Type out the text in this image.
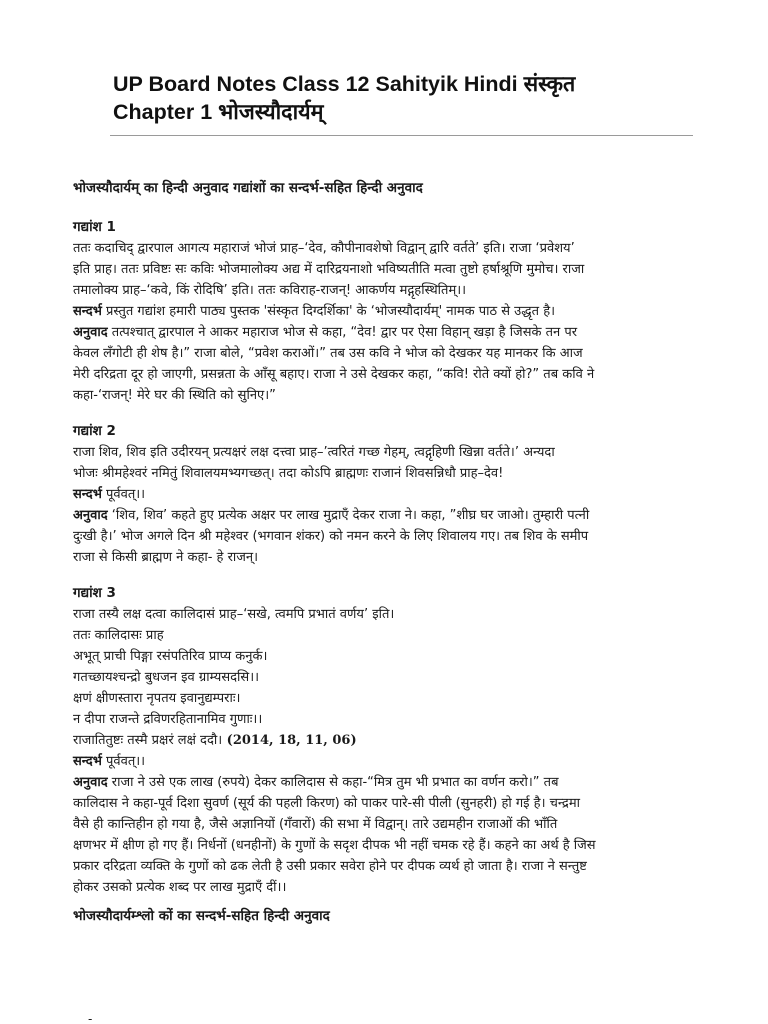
UP Board Notes Class 12 Sahityik Hindi संस्कृत
Chapter 1 भोजस्यौदार्यम्

भोजस्यौदार्यम् का हिन्दी अनुवाद गद्यांशों का सन्दर्भ-सहित हिन्दी अनुवाद

गद्यांश 1

ततः कदाचिद् द्वारपाल आगत्य महाराजं भोजं प्राह–‘देव, कौपीनावशेषो विद्वान् द्वारि वर्तते’ इति। राजा ‘प्रवेशय’
इति प्राह। ततः प्रविष्टः सः कविः भोजमालोक्य अद्य में दारिद्रयनाशो भविष्यतीति मत्वा तुष्टो हर्षाश्रूणि मुमोच। राजा
तमालोक्य प्राह–‘कवे, किं रोदिषि’ इति। ततः कविराह-राजन्! आकर्णय मद्गृहस्थितिम्।।
सन्दर्भ प्रस्तुत गद्यांश हमारी पाठ्य पुस्तक 'संस्कृत दिग्दर्शिका' के ‘भोजस्यौदार्यम्' नामक पाठ से उद्धृत है।
अनुवाद तत्पश्चात् द्वारपाल ने आकर महाराज भोज से कहा, “देव! द्वार पर ऐसा विहान् खड़ा है जिसके तन पर
केवल लँगोटी ही शेष है।” राजा बोले, “प्रवेश कराओं।” तब उस कवि ने भोज को देखकर यह मानकर कि आज
मेरी दरिद्रता दूर हो जाएगी, प्रसन्नता के आँसू बहाए। राजा ने उसे देखकर कहा, “कवि! रोते क्यों हो?” तब कवि ने
कहा-‘राजन्! मेरे घर की स्थिति को सुनिए।”

गद्यांश 2

राजा शिव, शिव इति उदीरयन् प्रत्यक्षरं लक्ष दत्त्वा प्राह–’त्वरितं गच्छ गेहम्, त्वद्गृहिणी खिन्ना वर्तते।’ अन्यदा
भोजः श्रीमहेश्वरं नमितुं शिवालयमभ्यगच्छत्। तदा कोऽपि ब्राह्मणः राजानं शिवसन्निधौ प्राह–देव!
सन्दर्भ पूर्ववत्।।
अनुवाद ‘शिव, शिव’ कहते हुए प्रत्येक अक्षर पर लाख मुद्राएँ देकर राजा ने। कहा, ”शीघ्र घर जाओ। तुम्हारी पत्नी
दुःखी है।’ भोज अगले दिन श्री महेश्वर (भगवान शंकर) को नमन करने के लिए शिवालय गए। तब शिव के समीप
राजा से किसी ब्राह्मण ने कहा- हे राजन्।

गद्यांश 3

राजा तस्यै लक्ष दत्वा कालिदासं प्राह–‘सखे, त्वमपि प्रभातं वर्णय’ इति।
ततः कालिदासः प्राह
अभूत् प्राची पिङ्गा रसंपतिरिव प्राप्य कनुर्क।
गतच्छायश्चन्द्रो बुधजन इव ग्राम्यसदसि।।
क्षणं क्षीणस्तारा नृपतय इवानुद्यम्पराः।
न दीपा राजन्ते द्रविणरहितानामिव गुणाः।।
राजातितुष्टः तस्मै प्रक्षरं लक्षं ददौ। (2014, 18, 11, 06)
सन्दर्भ पूर्ववत्।।
अनुवाद राजा ने उसे एक लाख (रुपये) देकर कालिदास से कहा-“मित्र तुम भी प्रभात का वर्णन करो।” तब
कालिदास ने कहा-पूर्व दिशा सुवर्ण (सूर्य की पहली किरण) को पाकर पारे-सी पीली (सुनहरी) हो गई है। चन्द्रमा
वैसे ही कान्तिहीन हो गया है, जैसे अज्ञानियों (गँवारों) की सभा में विद्वान्। तारे उद्यमहीन राजाओं की भाँति
क्षणभर में क्षीण हो गए हैं। निर्धनों (धनहीनों) के गुणों के सदृश दीपक भी नहीं चमक रहे हैं। कहने का अर्थ है जिस
प्रकार दरिद्रता व्यक्ति के गुणों को ढक लेती है उसी प्रकार सवेरा होने पर दीपक व्यर्थ हो जाता है। राजा ने सन्तुष्ट
होकर उसको प्रत्येक शब्द पर लाख मुद्राएँ दीं।।

भोजस्यौदार्यम्श्लो कों का सन्दर्भ-सहित हिन्दी अनुवाद

-
